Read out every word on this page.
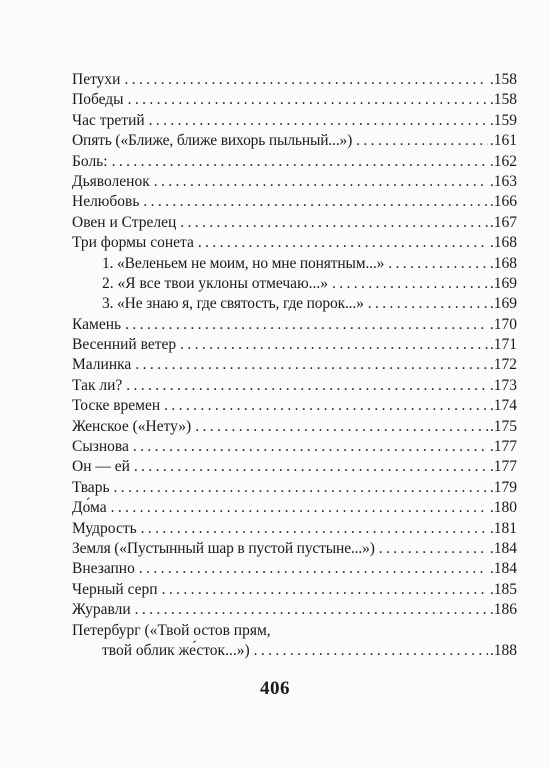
Петухи . . .	.158
Победы . . .	.158
Час третий . . .	.159
Опять («Ближе, ближе вихорь пыльный...») . . .	.161
Боль: . . .	.162
Дьяволенок . . .	.163
Нелюбовь . . .	.166
Овен и Стрелец . . .	.167
Три формы сонета . . .	.168
1. «Веленьем не моим, но мне понятным...» . . .	.168
2. «Я все твои уклоны отмечаю...» . . .	.169
3. «Не знаю я, где святость, где порок...» . . .	.169
Камень . . .	.170
Весенний ветер . . .	.171
Малинка . . .	.172
Так ли? . . .	.173
Тоске времен . . .	.174
Женское («Нету») . . .	.175
Сызнова . . .	.177
Он — ей . . .	.177
Тварь . . .	.179
До́ма . . .	.180
Мудрость . . .	.181
Земля («Пустынный шар в пустой пустыне...») . . .	.184
Внезапно . . .	.184
Черный серп . . .	.185
Журавли . . .	.186
Петербург («Твой остов прям,
твой облик же́сток...») . . .	.188
406
